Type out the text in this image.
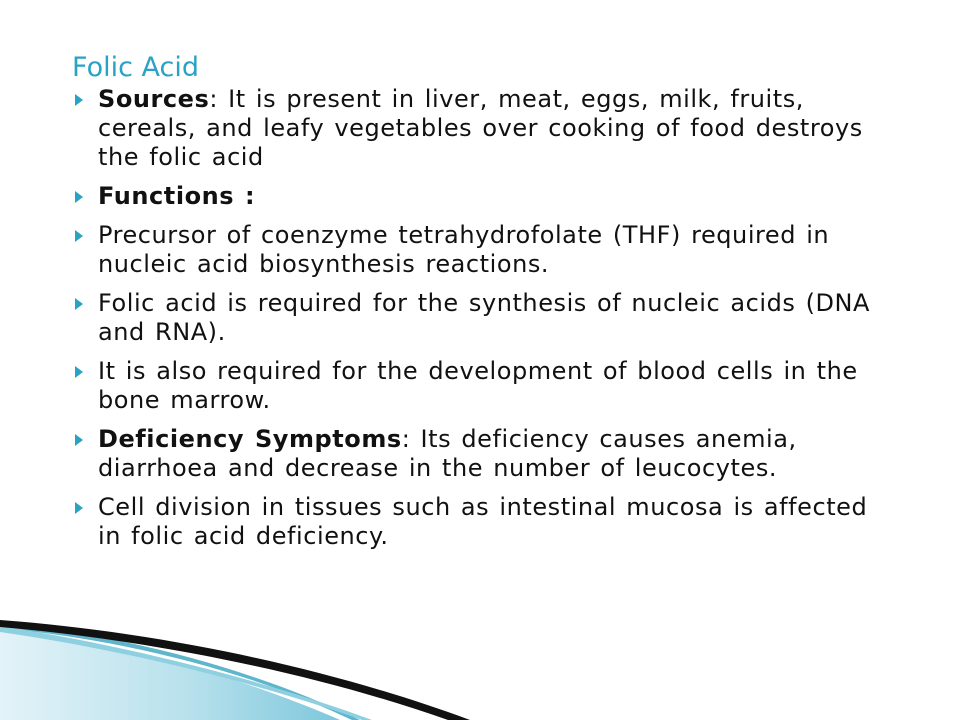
Folic Acid
Sources: It is present in liver, meat, eggs, milk, fruits, cereals, and leafy vegetables over cooking of food destroys the folic acid
Functions :
Precursor of coenzyme tetrahydrofolate (THF) required in nucleic acid biosynthesis reactions.
Folic acid is required for the synthesis of nucleic acids (DNA and RNA).
It is also required for the development of blood cells in the bone marrow.
Deficiency Symptoms: Its deficiency causes anemia, diarrhoea and decrease in the number of leucocytes.
Cell division in tissues such as intestinal mucosa is affected in folic acid deficiency.
